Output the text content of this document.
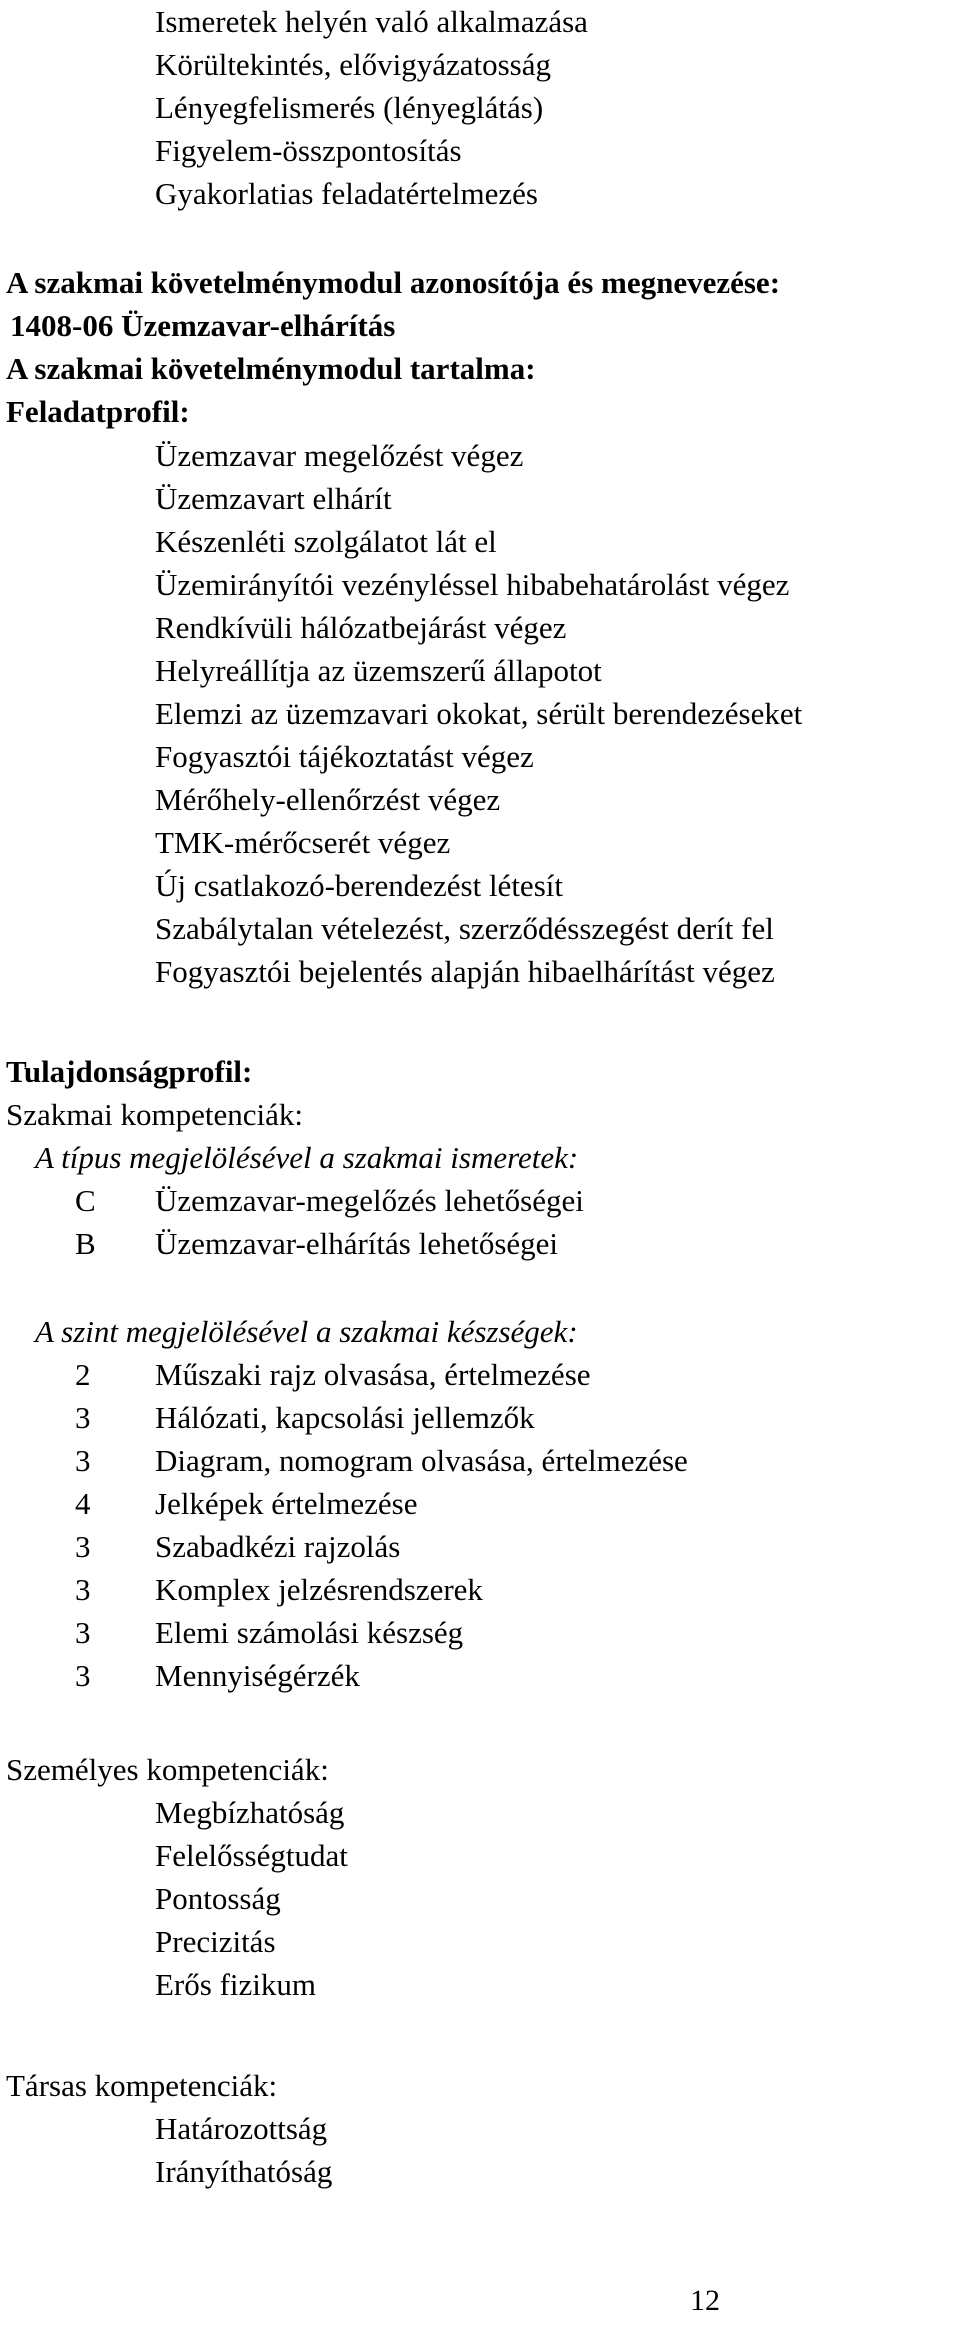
Ismeretek helyén való alkalmazása
Körültekintés, elővigyázatosság
Lényegfelismerés (lényeglátás)
Figyelem-összpontosítás
Gyakorlatias feladatértelmezés
A szakmai követelménymodul azonosítója és megnevezése:
1408-06 Üzemzavar-elhárítás
A szakmai követelménymodul tartalma:
Feladatprofil:
Üzemzavar megelőzést végez
Üzemzavart elhárít
Készenléti szolgálatot lát el
Üzemirányítói vezényléssel hibabehatárolást végez
Rendkívüli hálózatbejárást végez
Helyreállítja az üzemszerű állapotot
Elemzi az üzemzavari okokat, sérült berendezéseket
Fogyasztói tájékoztatást végez
Mérőhely-ellenőrzést végez
TMK-mérőcserét végez
Új csatlakozó-berendezést létesít
Szabálytalan vételezést, szerződésszegést derít fel
Fogyasztói bejelentés alapján hibaelhárítást végez
Tulajdonságprofil:
Szakmai kompetenciák:
A típus megjelölésével a szakmai ismeretek:
C Üzemzavar-megelőzés lehetőségei
B Üzemzavar-elhárítás lehetőségei
A szint megjelölésével a szakmai készségek:
2 Műszaki rajz olvasása, értelmezése
3 Hálózati, kapcsolási jellemzők
3 Diagram, nomogram olvasása, értelmezése
4 Jelképek értelmezése
3 Szabadkézi rajzolás
3 Komplex jelzésrendszerek
3 Elemi számolási készség
3 Mennyiségérzék
Személyes kompetenciák:
Megbízhatóság
Felelősségtudat
Pontosság
Precizitás
Erős fizikum
Társas kompetenciák:
Határozottság
Irányíthatóság
12
